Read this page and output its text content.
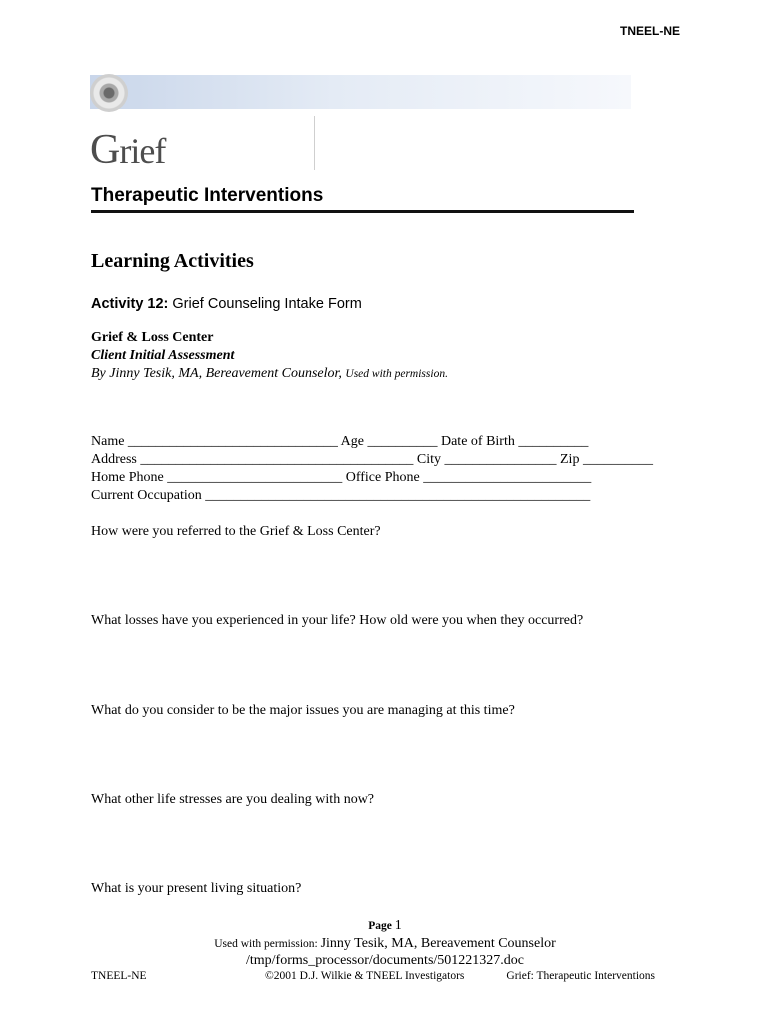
TNEEL-NE
Grief
Therapeutic Interventions
Learning Activities
Activity 12: Grief Counseling Intake Form
Grief & Loss Center
Client Initial Assessment
By Jinny Tesik, MA, Bereavement Counselor, Used with permission.
Name ______________________________ Age __________ Date of Birth __________
Address _______________________________________ City ________________ Zip __________
Home Phone _________________________ Office Phone ________________________
Current Occupation _______________________________________________________
How were you referred to the Grief & Loss Center?
What losses have you experienced in your life? How old were you when they occurred?
What do you consider to be the major issues you are managing at this time?
What other life stresses are you dealing with now?
What is your present living situation?
Page 1
Used with permission: Jinny Tesik, MA, Bereavement Counselor
/tmp/forms_processor/documents/501221327.doc
TNEEL-NE	©2001 D.J. Wilkie & TNEEL Investigators	Grief: Therapeutic Interventions
